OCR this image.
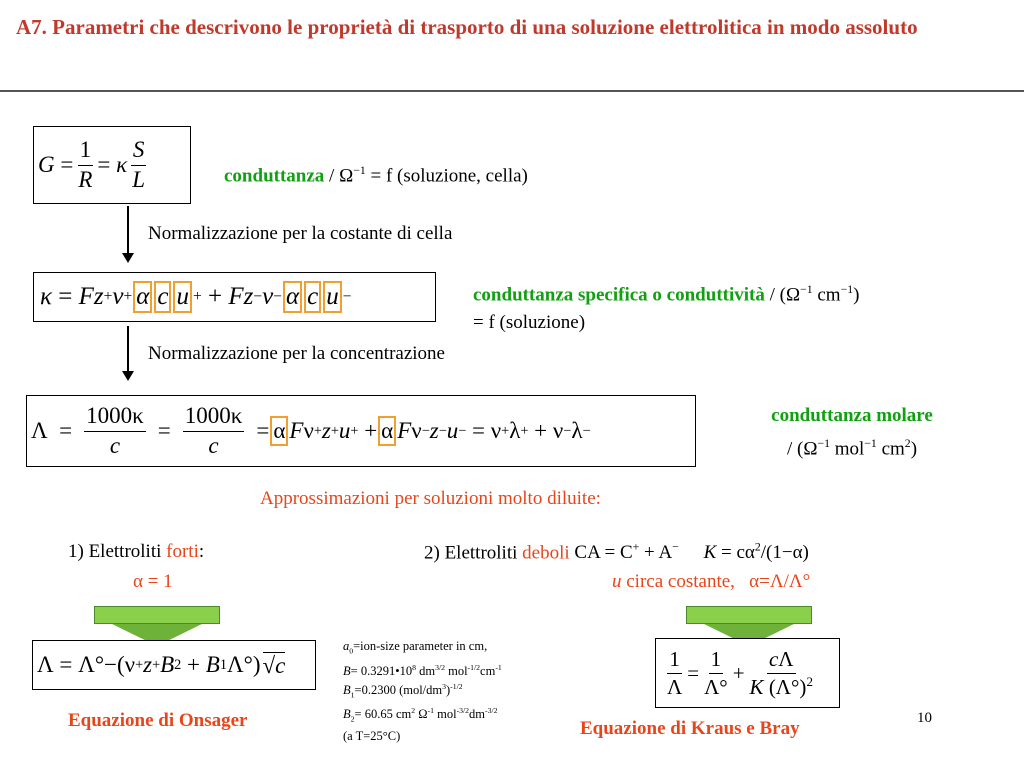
A7. Parametri che descrivono le proprietà di trasporto di una soluzione elettrolitica in modo assoluto
$G = \frac{1}{R} = \kappa \frac{S}{L}$	conduttanza / $\Omega^{-1} = f$ (soluzione, cella)
Normalizzazione per la costante di cella
κ = F z + ν + α c u + + F z − ν − α c u −	conduttanza specifica o conduttività / ($\Omega^{-1}$ $cm^{-1}$)
= f (soluzione)
Normalizzazione per la concentrazione
$\Lambda = \frac{1000\kappa}{c} = \frac{1000\kappa}{c} = \alpha$ F ν + z + u + + α F ν − z − u − = ν + λ + + ν − λ −
conduttanza molare
/ ($\Omega^{-1}$ mol$^{-1}$ $cm^2$)
Approssimazioni per soluzioni molto diluite:
1) Elettroliti forti:
α = 1
Λ = Λ°−(ν + z + B 2 + B 1 Λ°) √ c
Equazione di Onsager
$a_0=ion$-size parameter in cm,
$B= 0.3291•10^8$ $dm^{3/2}$ $mol^{-1/2}cm^{-1}$
$B_1=0.2300$ $(mol/dm^3)^{-1/2}$
$B_2= 60.65$ $cm^2$ $\Omega^{-1}$ $mol^{-3/2}dm^{-3/2}$
(a T=25°C)
2) Elettroliti deboli CA = C+ + A− $K = c\alpha^2/(1-\alpha)$
u circa costante, α=Λ/Λ°
$\frac{1}{\Lambda} = \frac{1}{\Lambda^\circ} + \frac{c\Lambda}{K (\Lambda^\circ)^2}$
Equazione di Kraus e Bray	10
